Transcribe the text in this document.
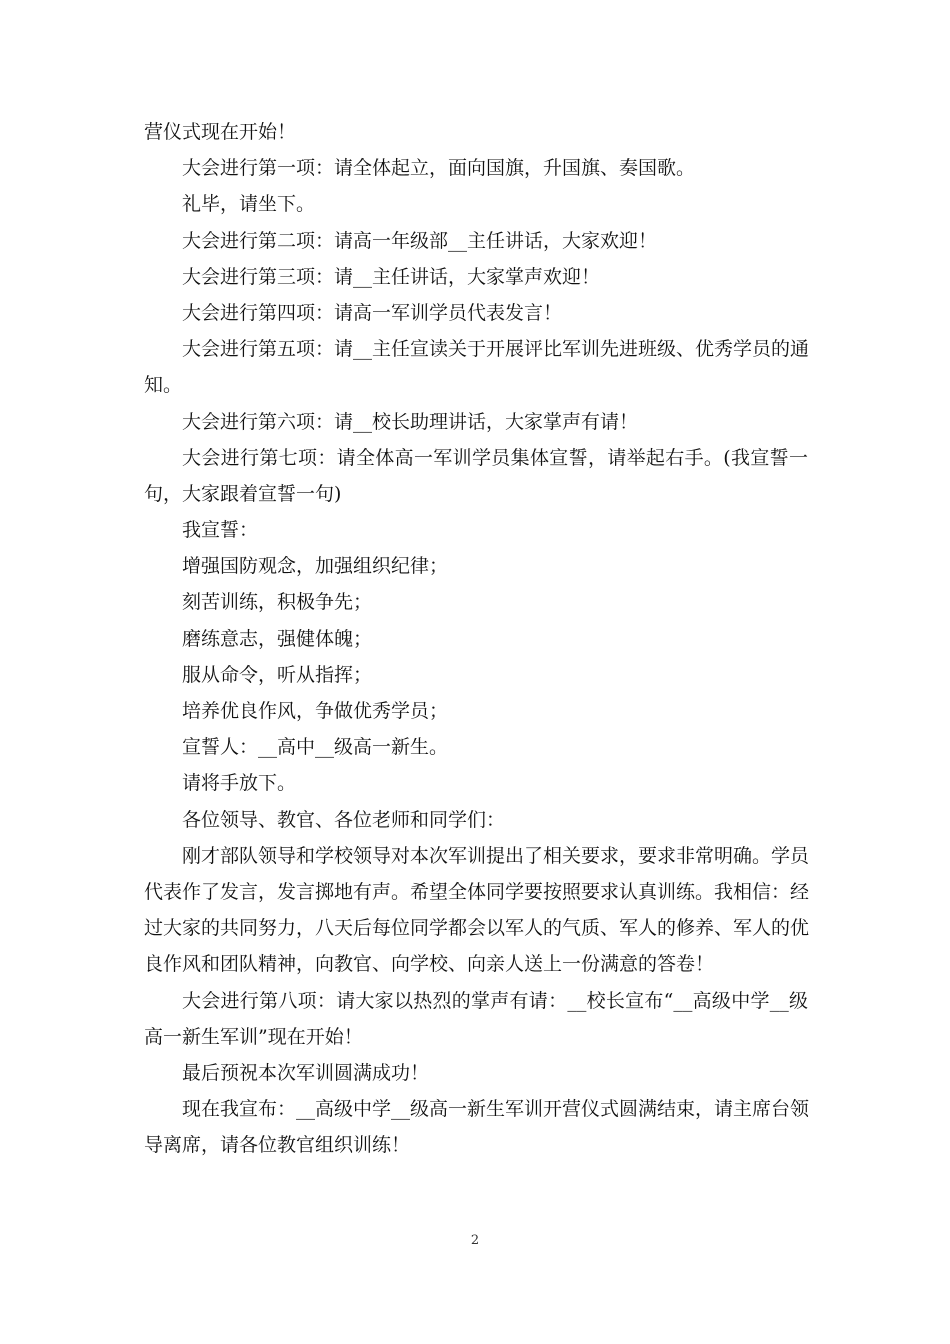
营仪式现在开始！

大会进行第一项：请全体起立，面向国旗，升国旗、奏国歌。

礼毕，请坐下。

大会进行第二项：请高一年级部__主任讲话，大家欢迎！

大会进行第三项：请__主任讲话，大家掌声欢迎！

大会进行第四项：请高一军训学员代表发言！

大会进行第五项：请__主任宣读关于开展评比军训先进班级、优秀学员的通

知。

大会进行第六项：请__校长助理讲话，大家掌声有请！

大会进行第七项：请全体高一军训学员集体宣誓，请举起右手。(我宣誓一

句，大家跟着宣誓一句)

我宣誓：

增强国防观念，加强组织纪律；

刻苦训练，积极争先；

磨练意志，强健体魄；

服从命令，听从指挥；

培养优良作风，争做优秀学员；

宣誓人：__高中__级高一新生。

请将手放下。

各位领导、教官、各位老师和同学们：

刚才部队领导和学校领导对本次军训提出了相关要求，要求非常明确。学员

代表作了发言，发言掷地有声。希望全体同学要按照要求认真训练。我相信：经

过大家的共同努力，八天后每位同学都会以军人的气质、军人的修养、军人的优

良作风和团队精神，向教官、向学校、向亲人送上一份满意的答卷！

大会进行第八项：请大家以热烈的掌声有请：__校长宣布“__高级中学__级

高一新生军训”现在开始！

最后预祝本次军训圆满成功！

现在我宣布：__高级中学__级高一新生军训开营仪式圆满结束，请主席台领

导离席，请各位教官组织训练！

2
